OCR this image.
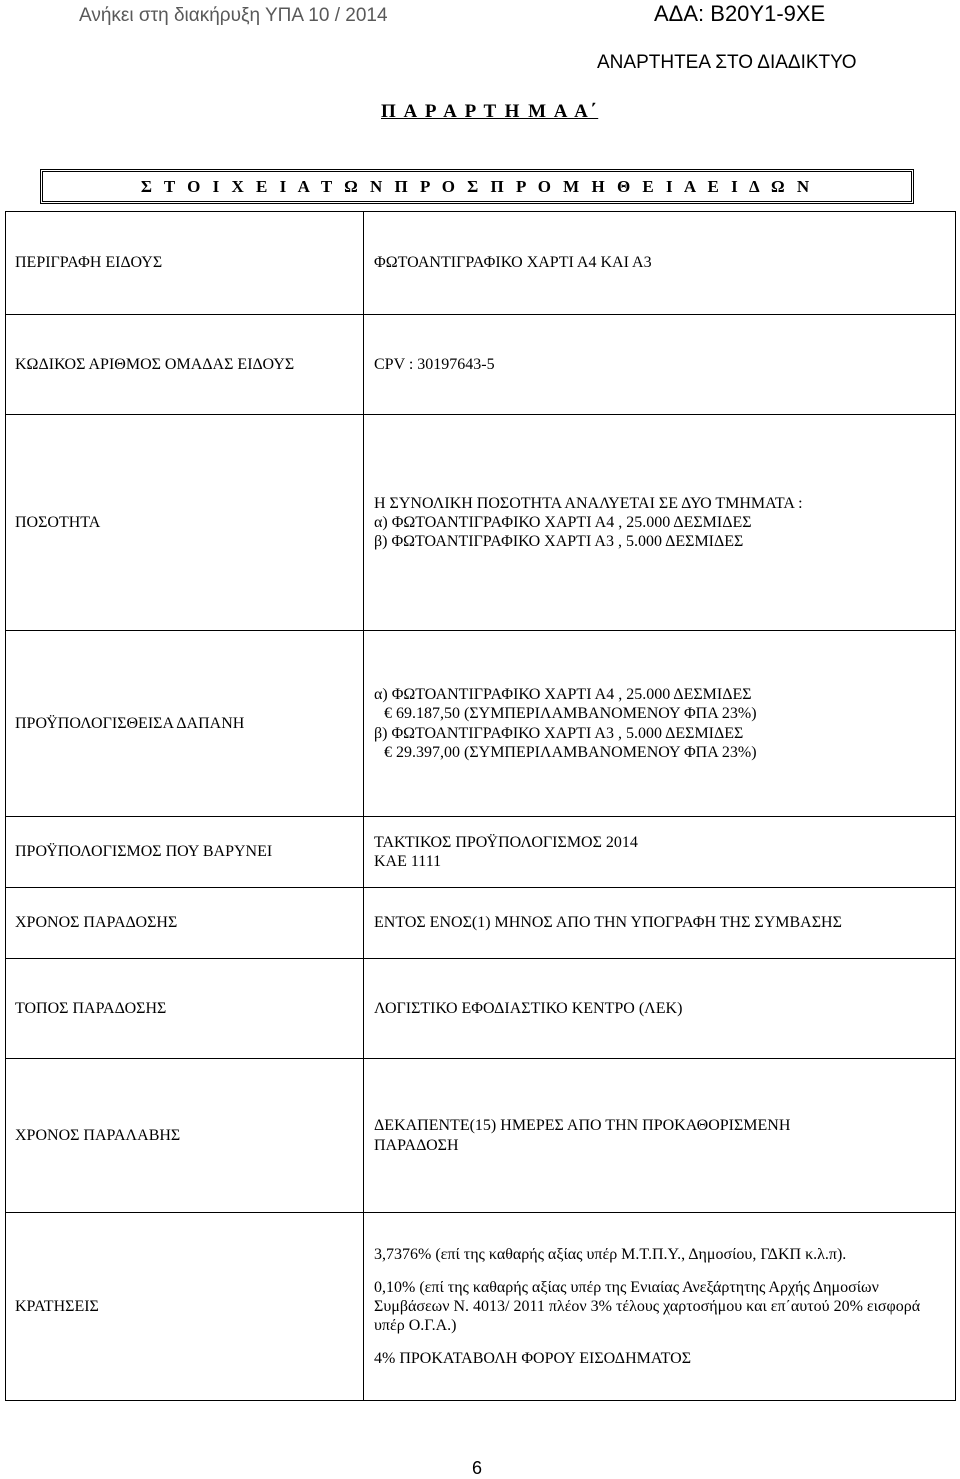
Ανήκει στη διακήρυξη ΥΠΑ 10 / 2014	ΑΔΑ: Β20Υ1-9ΧΕ
ΑΝΑΡΤΗΤΕΑ ΣΤΟ ΔΙΑΔΙΚΤΥΟ
Π Α Ρ Α Ρ Τ Η Μ Α Α΄
Σ Τ Ο Ι Χ Ε Ι Α Τ Ω Ν Π Ρ Ο Σ Π Ρ Ο Μ Η Θ Ε Ι Α Ε Ι Δ Ω Ν
ΠΕΡΙΓΡΑΦΗ ΕΙΔΟΥΣ	ΦΩΤΟΑΝΤΙΓΡΑΦΙΚΟ ΧΑΡΤΙ Α4 ΚΑΙ Α3
ΚΩΔΙΚΟΣ ΑΡΙΘΜΟΣ ΟΜΑΔΑΣ ΕΙΔΟΥΣ	CPV : 30197643-5
ΠΟΣΟΤΗΤΑ	Η ΣΥΝΟΛΙΚΗ ΠΟΣΟΤΗΤΑ ΑΝΑΛΥΕΤΑΙ ΣΕ ΔΥΟ ΤΜΗΜΑΤΑ :
α) ΦΩΤΟΑΝΤΙΓΡΑΦΙΚΟ ΧΑΡΤΙ Α4 , 25.000 ΔΕΣΜΙΔΕΣ
β) ΦΩΤΟΑΝΤΙΓΡΑΦΙΚΟ ΧΑΡΤΙ Α3 , 5.000 ΔΕΣΜΙΔΕΣ

ΠΡΟΫΠΟΛΟΓΙΣΘΕΙΣΑ ΔΑΠΑΝΗ	α) ΦΩΤΟΑΝΤΙΓΡΑΦΙΚΟ ΧΑΡΤΙ Α4 , 25.000 ΔΕΣΜΙΔΕΣ
€ 69.187,50 (ΣΥΜΠΕΡΙΛΑΜΒΑΝΟΜΕΝΟΥ ΦΠΑ 23%)
β) ΦΩΤΟΑΝΤΙΓΡΑΦΙΚΟ ΧΑΡΤΙ Α3 , 5.000 ΔΕΣΜΙΔΕΣ
€ 29.397,00 (ΣΥΜΠΕΡΙΛΑΜΒΑΝΟΜΕΝΟΥ ΦΠΑ 23%)

ΠΡΟΫΠΟΛΟΓΙΣΜΟΣ ΠΟΥ ΒΑΡΥΝΕΙ	ΤΑΚΤΙΚΟΣ ΠΡΟΫΠΟΛΟΓΙΣΜΟΣ 2014
ΚΑΕ 1111

ΧΡΟΝΟΣ ΠΑΡΑΔΟΣΗΣ	ΕΝΤΟΣ ΕΝΟΣ(1) ΜΗΝΟΣ ΑΠΟ ΤΗΝ ΥΠΟΓΡΑΦΗ ΤΗΣ ΣΥΜΒΑΣΗΣ
ΤΟΠΟΣ ΠΑΡΑΔΟΣΗΣ	ΛΟΓΙΣΤΙΚΟ ΕΦΟΔΙΑΣΤΙΚΟ ΚΕΝΤΡΟ (ΛΕΚ)
ΧΡΟΝΟΣ ΠΑΡΑΛΑΒΗΣ	ΔΕΚΑΠΕΝΤΕ(15) ΗΜΕΡΕΣ ΑΠΟ ΤΗΝ ΠΡΟΚΑΘΟΡΙΣΜΕΝΗ
ΠΑΡΑΔΟΣΗ

ΚΡΑΤΗΣΕΙΣ	3,7376% (επί της καθαρής αξίας υπέρ Μ.Τ.Π.Υ., Δημοσίου, ΓΔΚΠ κ.λ.π).

0,10% (επί της καθαρής αξίας υπέρ της Ενιαίας Ανεξάρτητης Αρχής Δημοσίων Συμβάσεων Ν. 4013/ 2011 πλέον 3% τέλους χαρτοσήμου και επ΄αυτού 20% εισφορά υπέρ Ο.Γ.Α.)

4% ΠΡΟΚΑΤΑΒΟΛΗ ΦΟΡΟΥ ΕΙΣΟΔΗΜΑΤΟΣ

6
